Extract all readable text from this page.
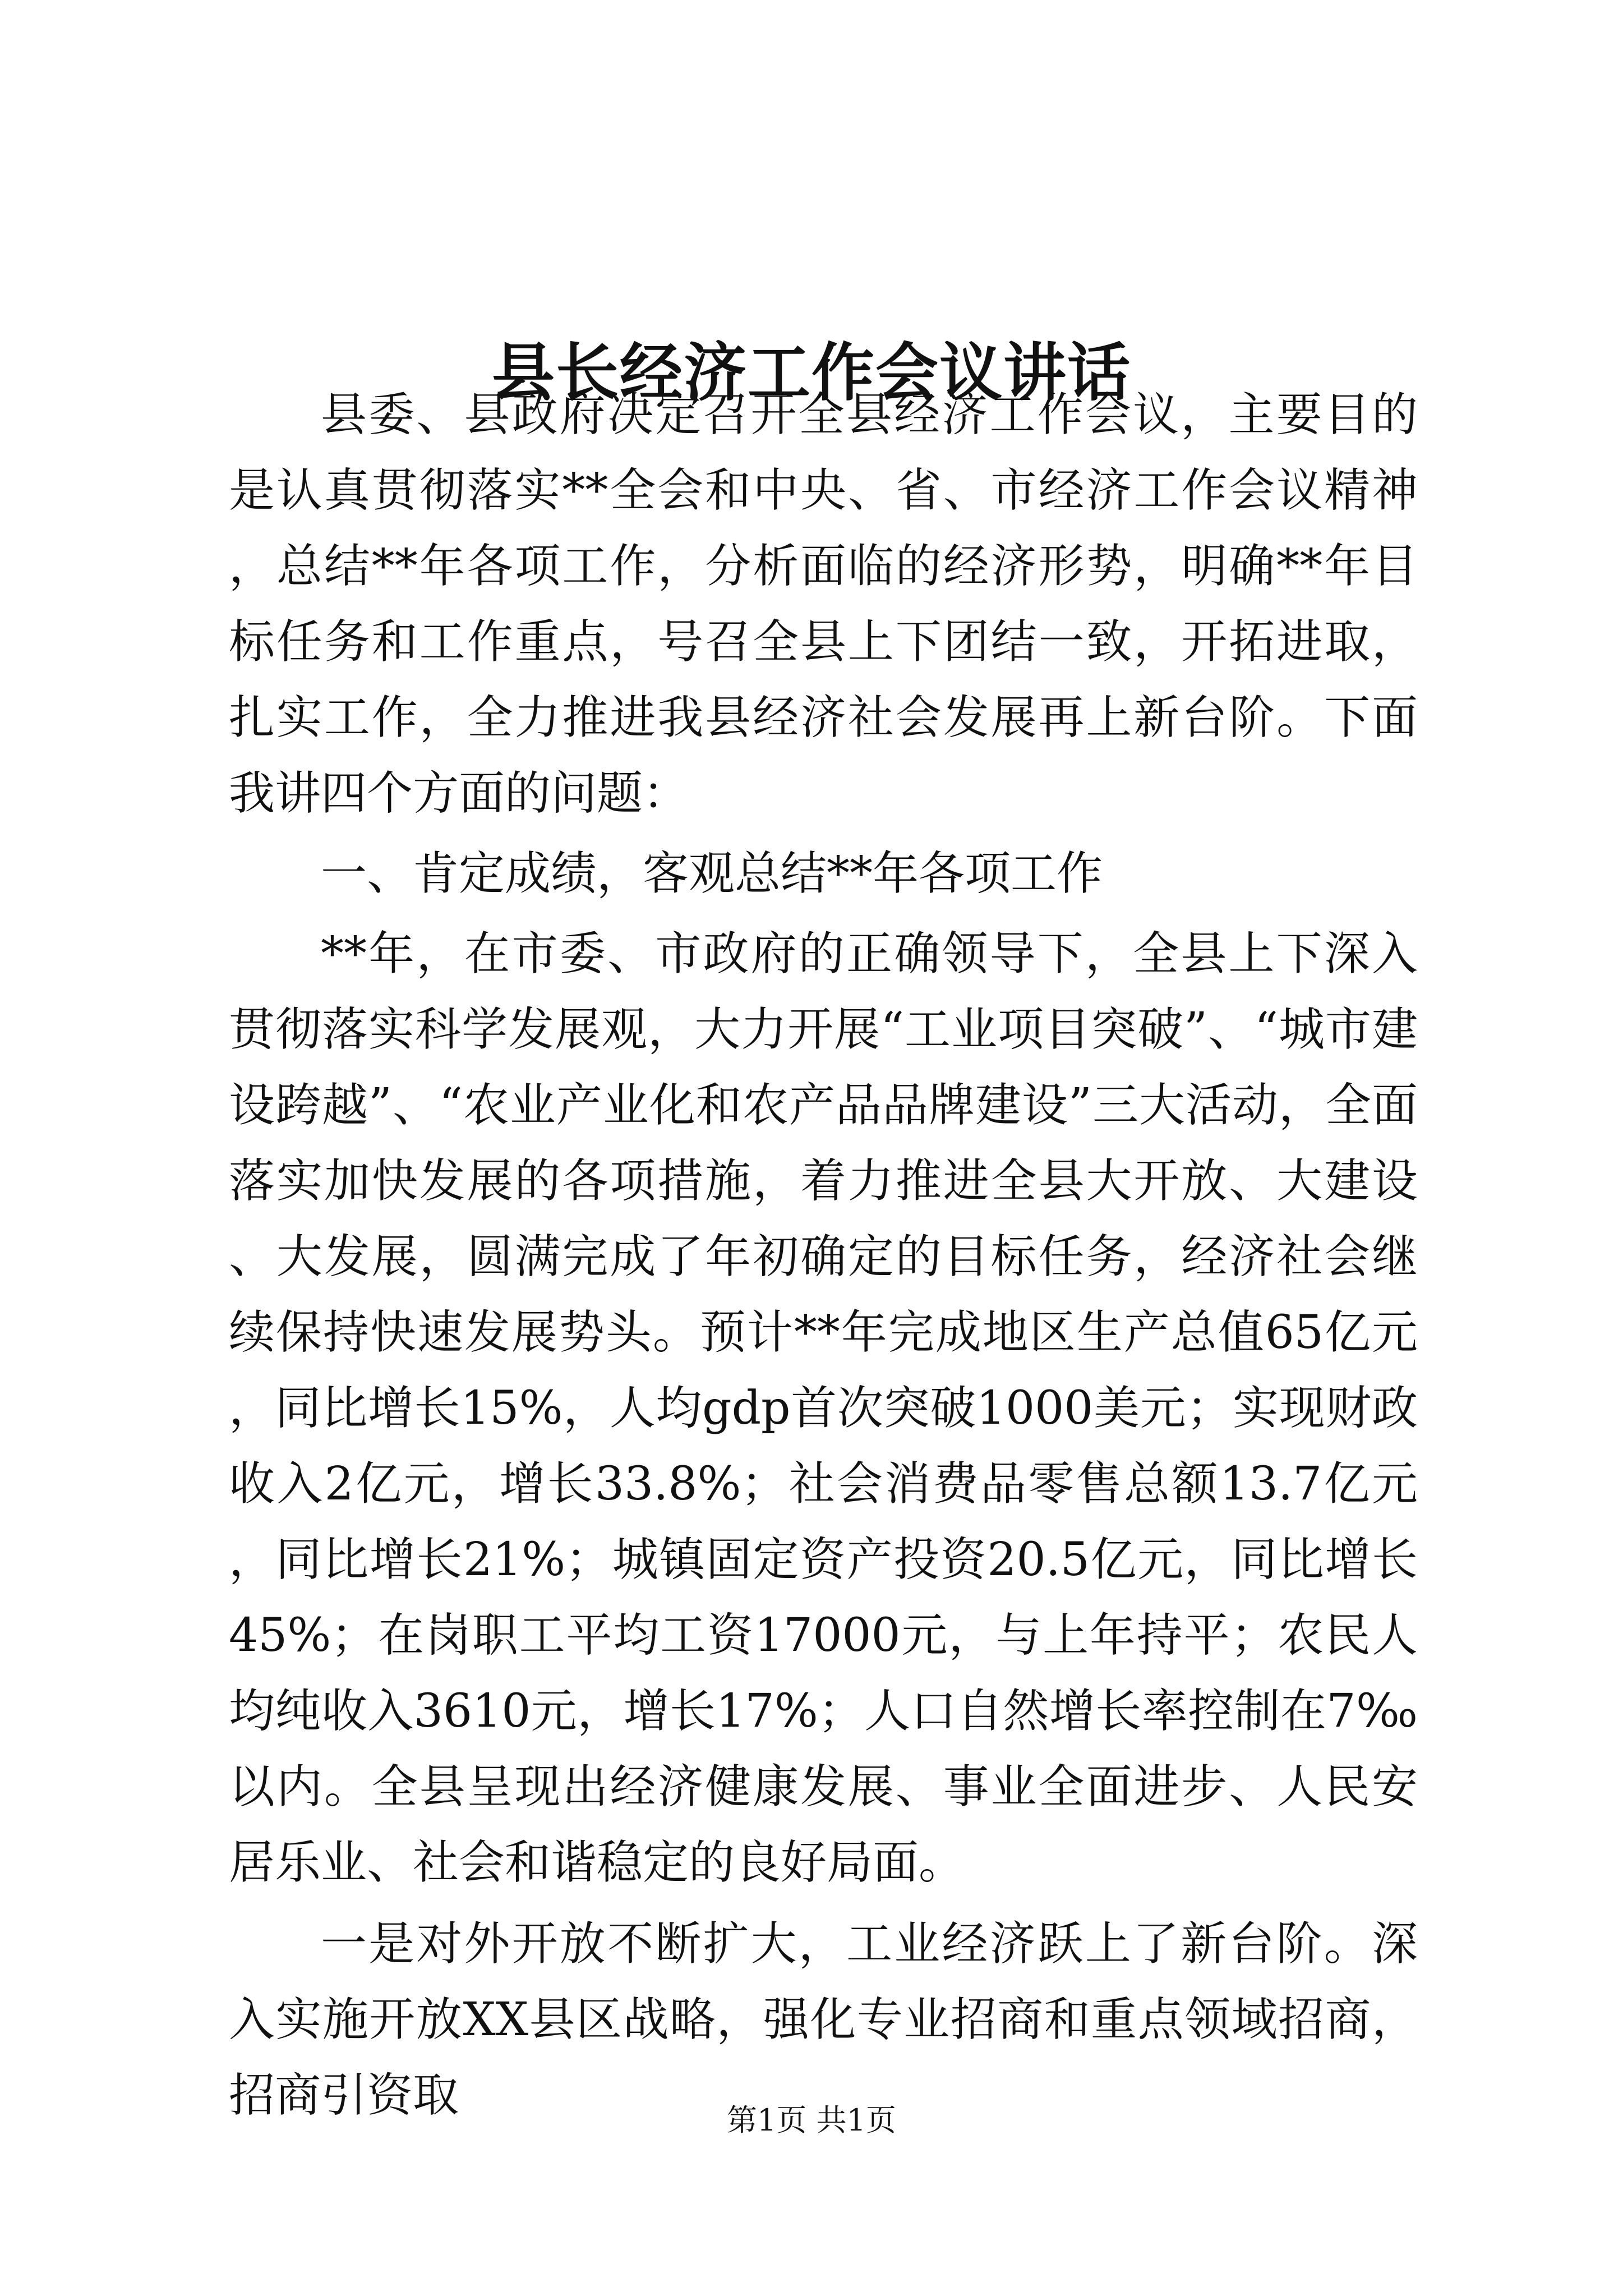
县长经济工作会议讲话

县委、县政府决定召开全县经济工作会议，主要目的是认真贯彻落实**全会和中央、省、市经济工作会议精神，总结**年各项工作，分析面临的经济形势，明确**年目标任务和工作重点，号召全县上下团结一致，开拓进取，扎实工作，全力推进我县经济社会发展再上新台阶。下面我讲四个方面的问题：

一、肯定成绩，客观总结**年各项工作

**年，在市委、市政府的正确领导下，全县上下深入贯彻落实科学发展观，大力开展“工业项目突破”、“城市建设跨越”、“农业产业化和农产品品牌建设”三大活动，全面落实加快发展的各项措施，着力推进全县大开放、大建设、大发展，圆满完成了年初确定的目标任务，经济社会继续保持快速发展势头。预计**年完成地区生产总值65亿元，同比增长15%，人均gdp首次突破1000美元；实现财政收入2亿元，增长33.8%；社会消费品零售总额13.7亿元，同比增长21%；城镇固定资产投资20.5亿元，同比增长45%；在岗职工平均工资17000元，与上年持平；农民人均纯收入3610元，增长17%；人口自然增长率控制在7‰以内。全县呈现出经济健康发展、事业全面进步、人民安居乐业、社会和谐稳定的良好局面。

一是对外开放不断扩大，工业经济跃上了新台阶。深入实施开放XX县区战略，强化专业招商和重点领域招商，招商引资取	第1页 共1页
